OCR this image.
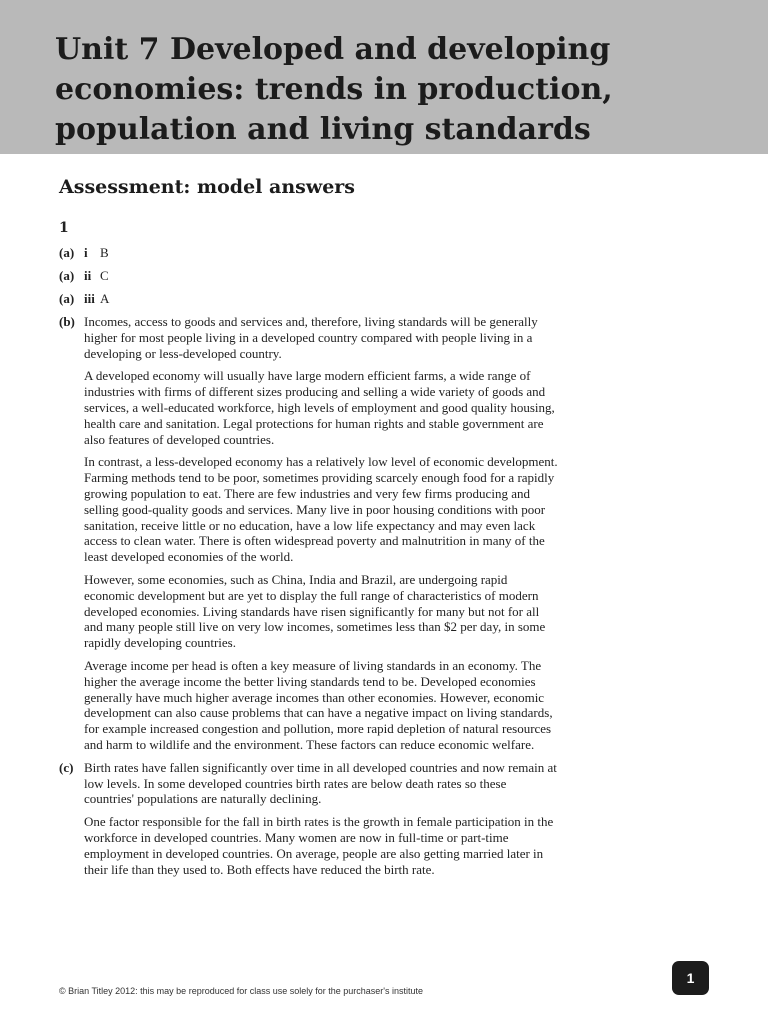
Unit 7 Developed and developing economies: trends in production, population and living standards
Assessment: model answers
1
(a) i B
(a) ii C
(a) iii A
(b) Incomes, access to goods and services and, therefore, living standards will be generally higher for most people living in a developed country compared with people living in a developing or less-developed country.

A developed economy will usually have large modern efficient farms, a wide range of industries with firms of different sizes producing and selling a wide variety of goods and services, a well-educated workforce, high levels of employment and good quality housing, health care and sanitation. Legal protections for human rights and stable government are also features of developed countries.

In contrast, a less-developed economy has a relatively low level of economic development. Farming methods tend to be poor, sometimes providing scarcely enough food for a rapidly growing population to eat. There are few industries and very few firms producing and selling good-quality goods and services. Many live in poor housing conditions with poor sanitation, receive little or no education, have a low life expectancy and may even lack access to clean water. There is often widespread poverty and malnutrition in many of the least developed economies of the world.

However, some economies, such as China, India and Brazil, are undergoing rapid economic development but are yet to display the full range of characteristics of modern developed economies. Living standards have risen significantly for many but not for all and many people still live on very low incomes, sometimes less than $2 per day, in some rapidly developing countries.

Average income per head is often a key measure of living standards in an economy. The higher the average income the better living standards tend to be. Developed economies generally have much higher average incomes than other economies. However, economic development can also cause problems that can have a negative impact on living standards, for example increased congestion and pollution, more rapid depletion of natural resources and harm to wildlife and the environment. These factors can reduce economic welfare.

(c) Birth rates have fallen significantly over time in all developed countries and now remain at low levels. In some developed countries birth rates are below death rates so these countries' populations are naturally declining.

One factor responsible for the fall in birth rates is the growth in female participation in the workforce in developed countries. Many women are now in full-time or part-time employment in developed countries. On average, people are also getting married later in their life than they used to. Both effects have reduced the birth rate.

1
© Brian Titley 2012: this may be reproduced for class use solely for the purchaser's institute
